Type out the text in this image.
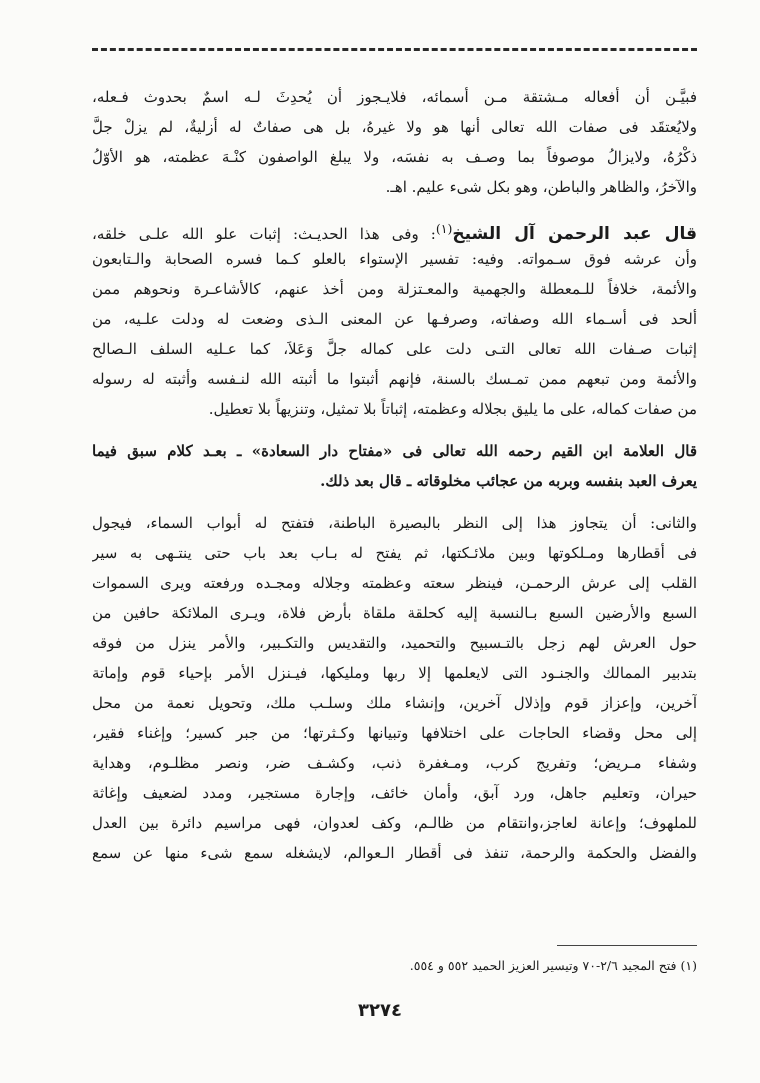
فبيَّـن أن أفعاله مـشتقة مـن أسمائه، فلايـجوز أن يُحدِثَ لـه اسمٌ بحدوث فـعله،
ولايُعتقَد فى صفات الله تعالى أنها هو ولا غيرهُ، بل هى صفاتٌ له أزليةٌ، لم يزلْ جلَّ
ذكْرُهُ، ولايزالُ موصوفاً بما وصـف به نفسَه، ولا يبلغ الواصفون كنْـهَ عظمته، هو الأوّلُ
والآخرُ، والظاهر والباطن، وهو بكل شىء عليم. اهـ.
قال عبد الرحمن آل الشيخ$^{(١)}$: وفى هذا الحديـث: إثبات علو الله علـى خلقه،
وأن عرشه فوق سـمواته. وفيه: تفسير الإستواء بالعلو كـما فسره الصحابة والـتابعون
والأئمة، خلافاً للـمعطلة والجهمية والمعـتزلة ومن أخذ عنهم، كالأشاعـرة ونحوهم ممن
ألحد فى أسـماء الله وصفاته، وصرفـها عن المعنى الـذى وضعت له ودلت علـيه، من
إثبات صـفات الله تعالى التـى دلت على كماله جلَّ وَعَلاَ، كما عـليه السلف الـصالح
والأئمة ومن تبعهم ممن تمـسك بالسنة، فإنهم أثبتوا ما أثبته الله لنـفسه وأثبته له رسوله
من صفات كماله، على ما يليق بجلاله وعظمته، إثباتاً بلا تمثيل، وتنزيهاً بلا تعطيل.
قال العلامة ابن القيم رحمه الله تعالى فى «مفتاح دار السعادة» ـ بعـد كلام سبق فيما
يعرف العبد بنفسه وبربه من عجائب مخلوقاته ـ قال بعد ذلك.
والثانى: أن يتجاوز هذا إلى النظر بالبصيرة الباطنة، فتفتح له أبواب السماء، فيجول
فى أقطارها ومـلكوتها وبين ملائـكتها، ثم يفتح له بـاب بعد باب حتى ينتـهى به سير
القلب إلى عرش الرحمـن، فينظر سعته وعظمته وجلاله ومجـده ورفعته ويرى السموات
السبع والأرضين السبع بـالنسبة إليه كحلقة ملقاة بأرض فلاة، ويـرى الملائكة حافين من
حول العرش لهم زجل بالتـسبيح والتحميد، والتقديس والتكـبير، والأمر ينزل من فوقه
بتدبير الممالك والجنـود التى لايعلمها إلا ربها ومليكها، فيـنزل الأمر بإحياء قوم وإماتة
آخرين، وإعزاز قوم وإذلال آخرين، وإنشاء ملك وسلـب ملك، وتحويل نعمة من محل
إلى محل وقضاء الحاجات على اختلافها وتبيانها وكـثرتها؛ من جبر كسير؛ وإغناء فقير،
وشفاء مـريض؛ وتفريج كرب، ومـغفرة ذنب، وكشـف ضر، ونصر مظلـوم، وهداية
حيران، وتعليم جاهل، ورد آبق، وأمان خائف، وإجارة مستجير، ومدد لضعيف وإغاثة
للملهوف؛ وإعانة لعاجز،وانتقام من ظالـم، وكف لعدوان، فهى مراسيم دائرة بين العدل
والفضل والحكمة والرحمة، تنفذ فى أقطار الـعوالم، لايشغله سمع شىء منها عن سمع
(١) فتح المجيد ٢/٦-٧٠ وتيسير العزيز الحميد ٥٥٢ و ٥٥٤.
٣٢٧٤
